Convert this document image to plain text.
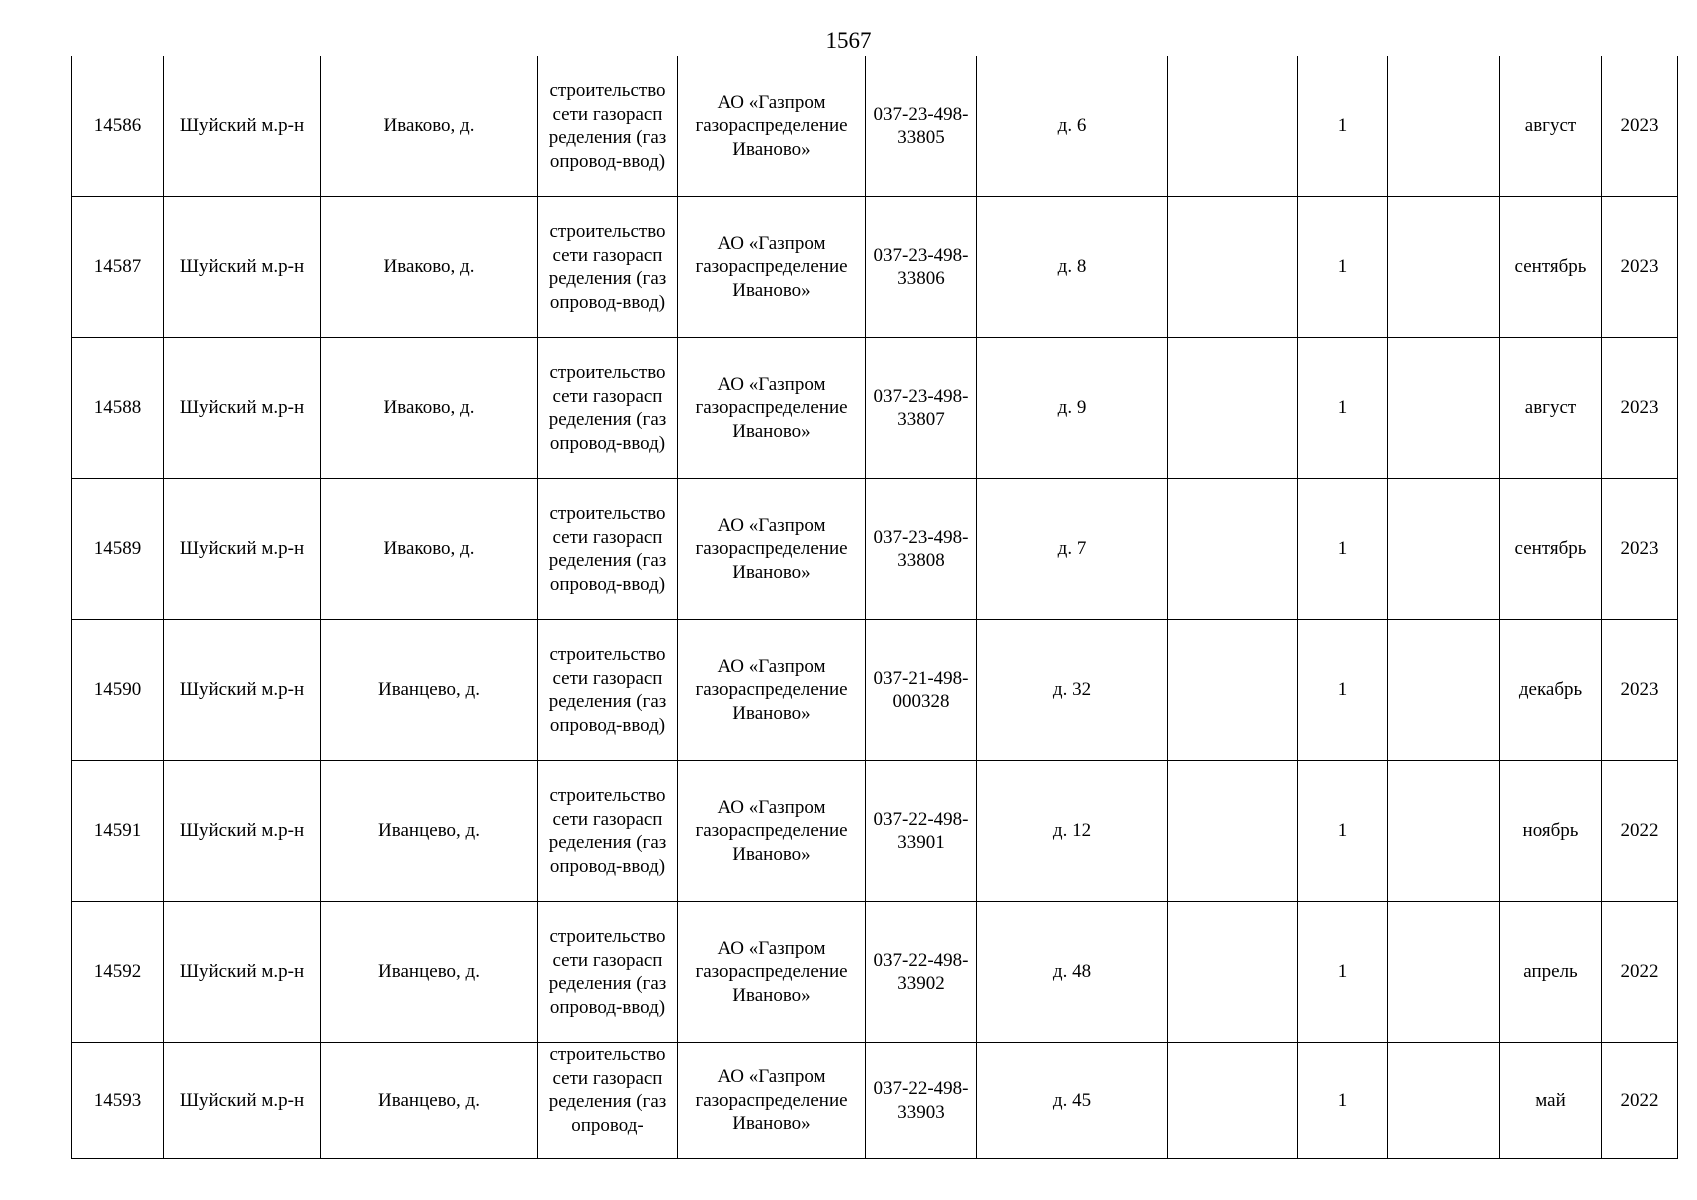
1567
14586	Шуйский м.р-н	Иваково, д.	строительство сети газораспределения (газопровод-ввод)	АО «Газпром газораспределение Иваново»	037-23-498-33805	д. 6		1		август	2023
14587	Шуйский м.р-н	Иваково, д.	строительство сети газораспределения (газопровод-ввод)	АО «Газпром газораспределение Иваново»	037-23-498-33806	д. 8		1		сентябрь	2023
14588	Шуйский м.р-н	Иваково, д.	строительство сети газораспределения (газопровод-ввод)	АО «Газпром газораспределение Иваново»	037-23-498-33807	д. 9		1		август	2023
14589	Шуйский м.р-н	Иваково, д.	строительство сети газораспределения (газопровод-ввод)	АО «Газпром газораспределение Иваново»	037-23-498-33808	д. 7		1		сентябрь	2023
14590	Шуйский м.р-н	Иванцево, д.	строительство сети газораспределения (газопровод-ввод)	АО «Газпром газораспределение Иваново»	037-21-498-000328	д. 32		1		декабрь	2023
14591	Шуйский м.р-н	Иванцево, д.	строительство сети газораспределения (газопровод-ввод)	АО «Газпром газораспределение Иваново»	037-22-498-33901	д. 12		1		ноябрь	2022
14592	Шуйский м.р-н	Иванцево, д.	строительство сети газораспределения (газопровод-ввод)	АО «Газпром газораспределение Иваново»	037-22-498-33902	д. 48		1		апрель	2022
14593	Шуйский м.р-н	Иванцево, д.	строительство сети газораспределения (газопровод-	АО «Газпром газораспределение Иваново»	037-22-498-33903	д. 45		1		май	2022
